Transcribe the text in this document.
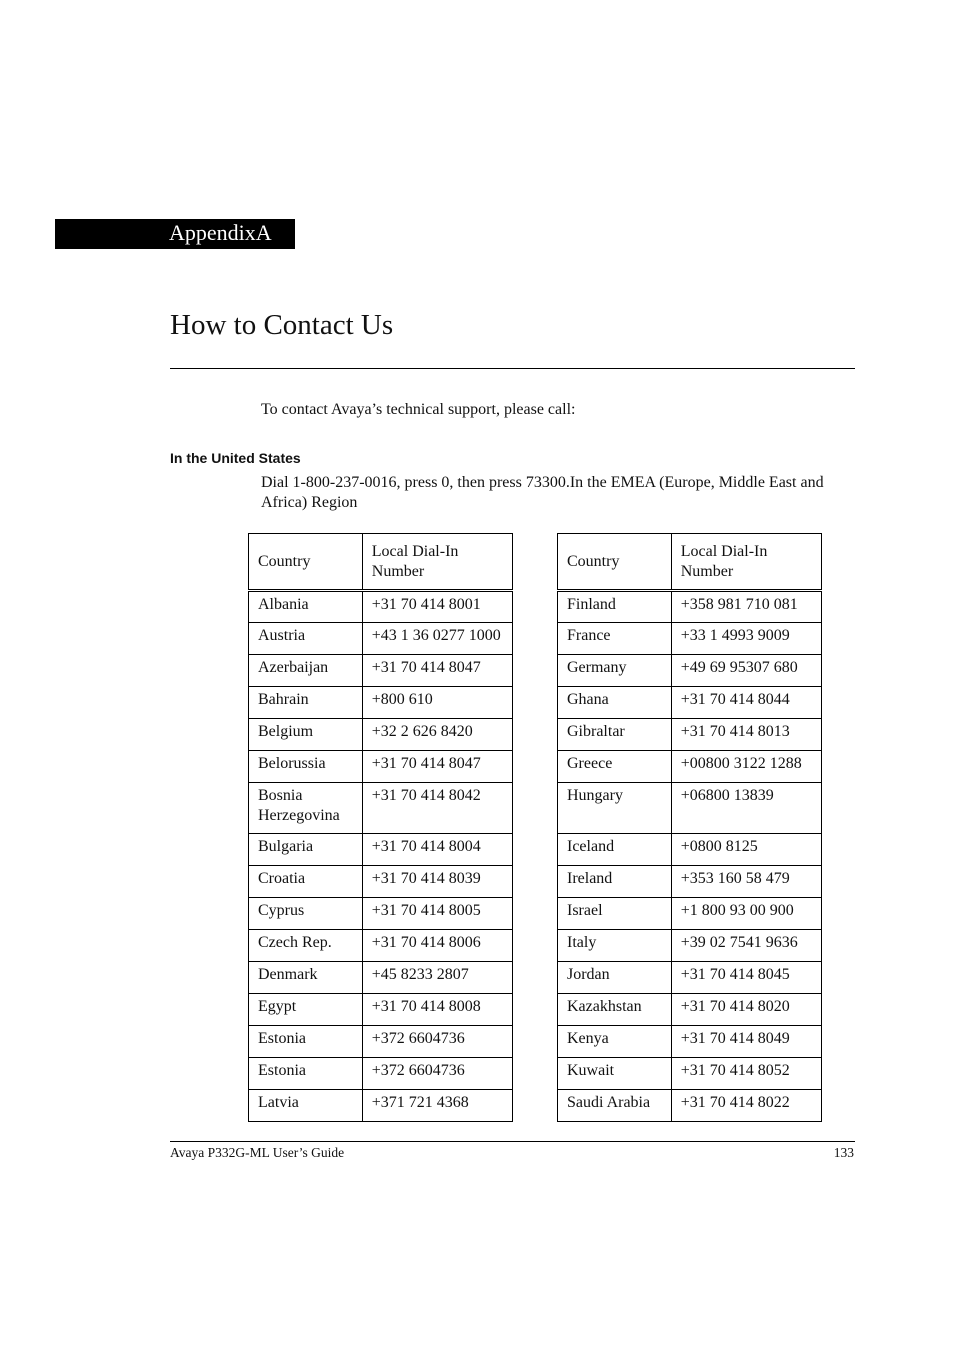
AppendixA
How to Contact Us

To contact Avaya’s technical support, please call:

In the United States

Dial 1-800-237-0016, press 0, then press 73300.In the EMEA (Europe, Middle East and Africa) Region

Country	Local Dial-In Number
Albania	+31 70 414 8001
Austria	+43 1 36 0277 1000
Azerbaijan	+31 70 414 8047
Bahrain	+800 610
Belgium	+32 2 626 8420
Belorussia	+31 70 414 8047
Bosnia Herzegovina	+31 70 414 8042
Bulgaria	+31 70 414 8004
Croatia	+31 70 414 8039
Cyprus	+31 70 414 8005
Czech Rep.	+31 70 414 8006
Denmark	+45 8233 2807
Egypt	+31 70 414 8008
Estonia	+372 6604736
Estonia	+372 6604736
Latvia	+371 721 4368
Country	Local Dial-In Number
Finland	+358 981 710 081
France	+33 1 4993 9009
Germany	+49 69 95307 680
Ghana	+31 70 414 8044
Gibraltar	+31 70 414 8013
Greece	+00800 3122 1288
Hungary	+06800 13839
Iceland	+0800 8125
Ireland	+353 160 58 479
Israel	+1 800 93 00 900
Italy	+39 02 7541 9636
Jordan	+31 70 414 8045
Kazakhstan	+31 70 414 8020
Kenya	+31 70 414 8049
Kuwait	+31 70 414 8052
Saudi Arabia	+31 70 414 8022
Avaya P332G-ML User’s Guide	133
